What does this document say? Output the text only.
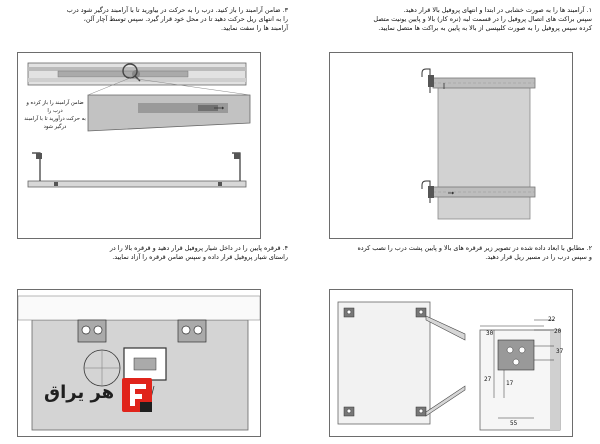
۱. آرامبند ها را به صورت خشابی در ابتدا و انتهای پروفیل بالا قرار دهید.

سپس براکت های اتصال پروفیل را در قسمت لبه (نره کار) بالا و پایین یونیت متصل

کرده سپس پروفیل را به صورت کلیپسی از بالا به پایین به براکت ها متصل نمایید.

۳. ضامن آرامبند را باز کنید. درب را به حرکت در بیاورید تا با آرامبند درگیر شود درب

را به انتهای ریل حرکت دهید تا در محل خود قرار گیرد. سپس توسط آچار آلن،

آرامبند ها را سفت نمایید.

ضامن آرامبند را باز کرده و درب را

به حرکت درآورید تا با آرامبند درگیر شود

۲. مطابق با ابعاد داده شده در تصویر زیر قرقره های بالا و پایین پشت درب را نصب کرده

و سپس درب را در مسیر ریل قرار دهید.

۴. قرقره پایین را در داخل شیار پروفیل قرار دهید و قرقره بالا را در

راستای شیار پروفیل قرار داده و سپس ضامن قرقره را آزاد نمایید.

22
20
30
37
27
17
55
هر یراق
